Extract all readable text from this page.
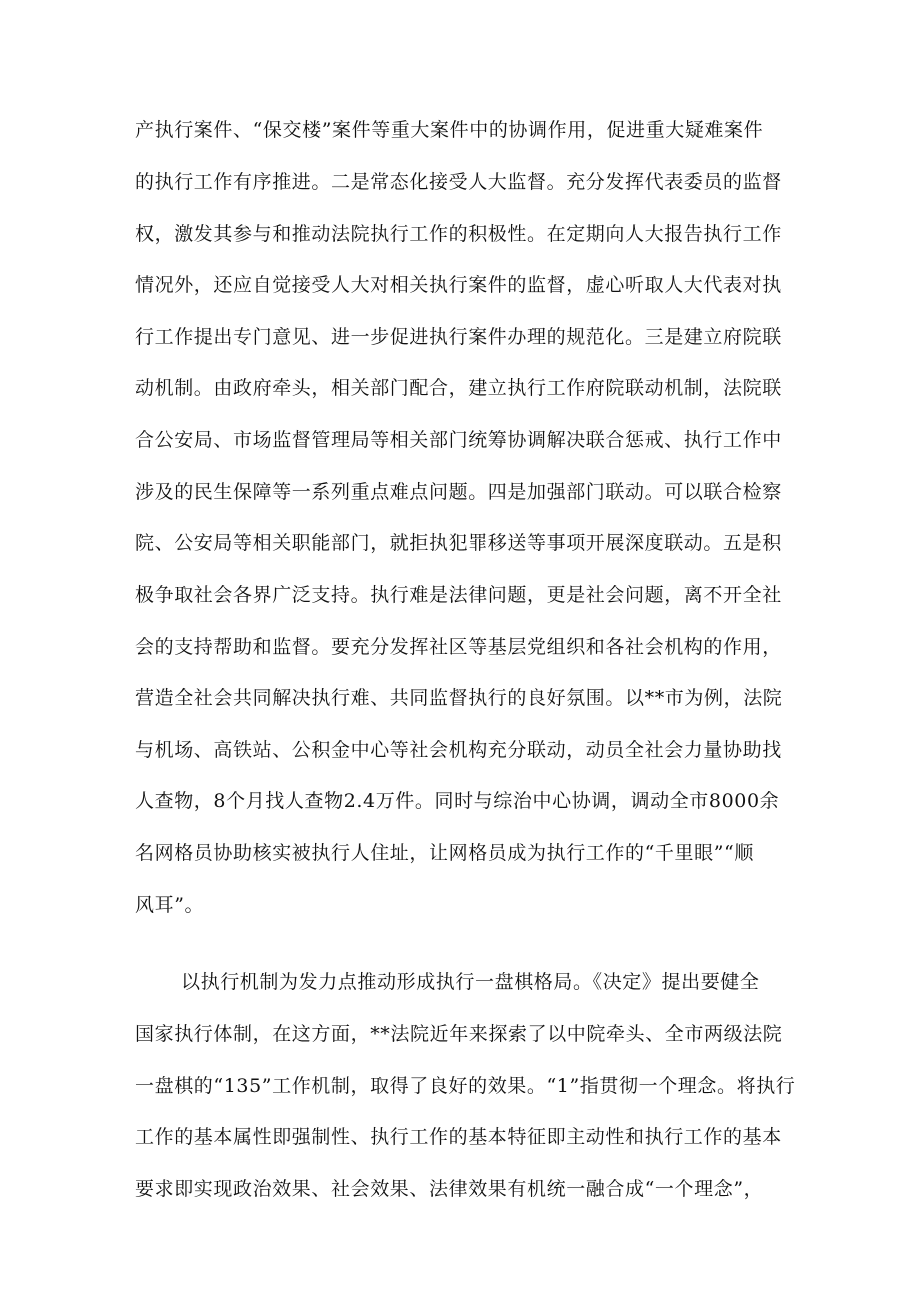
产执行案件、“保交楼”案件等重大案件中的协调作用，促进重大疑难案件
的执行工作有序推进。二是常态化接受人大监督。充分发挥代表委员的监督
权，激发其参与和推动法院执行工作的积极性。在定期向人大报告执行工作
情况外，还应自觉接受人大对相关执行案件的监督，虚心听取人大代表对执
行工作提出专门意见、进一步促进执行案件办理的规范化。三是建立府院联
动机制。由政府牵头，相关部门配合，建立执行工作府院联动机制，法院联
合公安局、市场监督管理局等相关部门统筹协调解决联合惩戒、执行工作中
涉及的民生保障等一系列重点难点问题。四是加强部门联动。可以联合检察
院、公安局等相关职能部门，就拒执犯罪移送等事项开展深度联动。五是积
极争取社会各界广泛支持。执行难是法律问题，更是社会问题，离不开全社
会的支持帮助和监督。要充分发挥社区等基层党组织和各社会机构的作用，
营造全社会共同解决执行难、共同监督执行的良好氛围。以**市为例，法院
与机场、高铁站、公积金中心等社会机构充分联动，动员全社会力量协助找
人查物，8个月找人查物2.4万件。同时与综治中心协调，调动全市8000余
名网格员协助核实被执行人住址，让网格员成为执行工作的“千里眼”“顺
风耳”。
以执行机制为发力点推动形成执行一盘棋格局。《决定》提出要健全
国家执行体制，在这方面，**法院近年来探索了以中院牵头、全市两级法院
一盘棋的“135”工作机制，取得了良好的效果。“1”指贯彻一个理念。将执行
工作的基本属性即强制性、执行工作的基本特征即主动性和执行工作的基本
要求即实现政治效果、社会效果、法律效果有机统一融合成“一个理念”，
